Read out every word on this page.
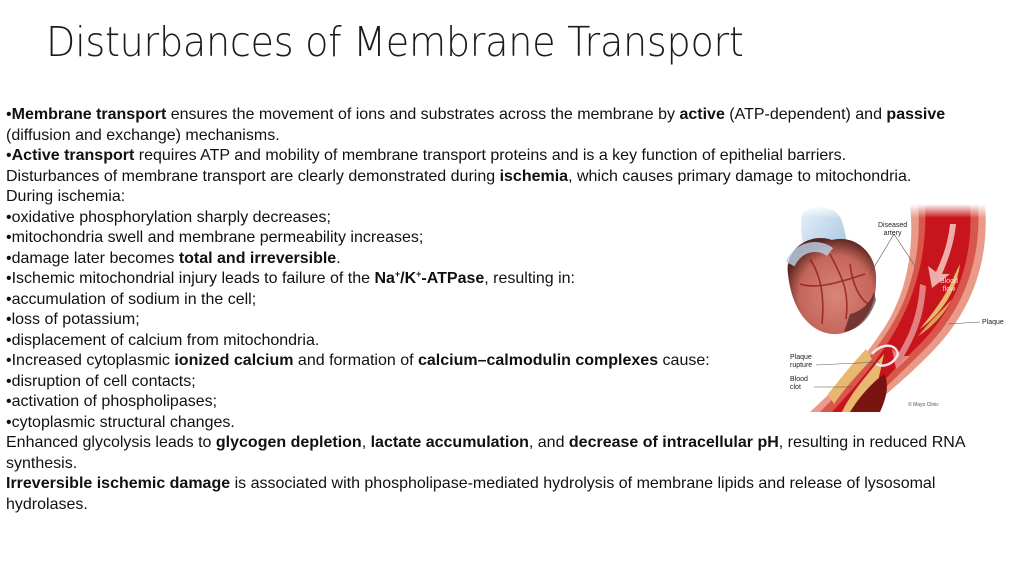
Disturbances of Membrane Transport
•Membrane transport ensures the movement of ions and substrates across the membrane by active (ATP-dependent) and passive
(diffusion and exchange) mechanisms.
•Active transport requires ATP and mobility of membrane transport proteins and is a key function of epithelial barriers.
Disturbances of membrane transport are clearly demonstrated during ischemia, which causes primary damage to mitochondria.
During ischemia:
•oxidative phosphorylation sharply decreases;
•mitochondria swell and membrane permeability increases;
•damage later becomes total and irreversible.
•Ischemic mitochondrial injury leads to failure of the Na+/K+-ATPase, resulting in:
•accumulation of sodium in the cell;
•loss of potassium;
•displacement of calcium from mitochondria.
•Increased cytoplasmic ionized calcium and formation of calcium–calmodulin complexes cause:
•disruption of cell contacts;
•activation of phospholipases;
•cytoplasmic structural changes.
Enhanced glycolysis leads to glycogen depletion, lactate accumulation, and decrease of intracellular pH, resulting in reduced RNA
synthesis.
Irreversible ischemic damage is associated with phospholipase-mediated hydrolysis of membrane lipids and release of lysosomal
hydrolases.
Diseased
artery
Blood
flow
Plaque
Plaque
rupture
Blood
clot
© Mayo Clinic
